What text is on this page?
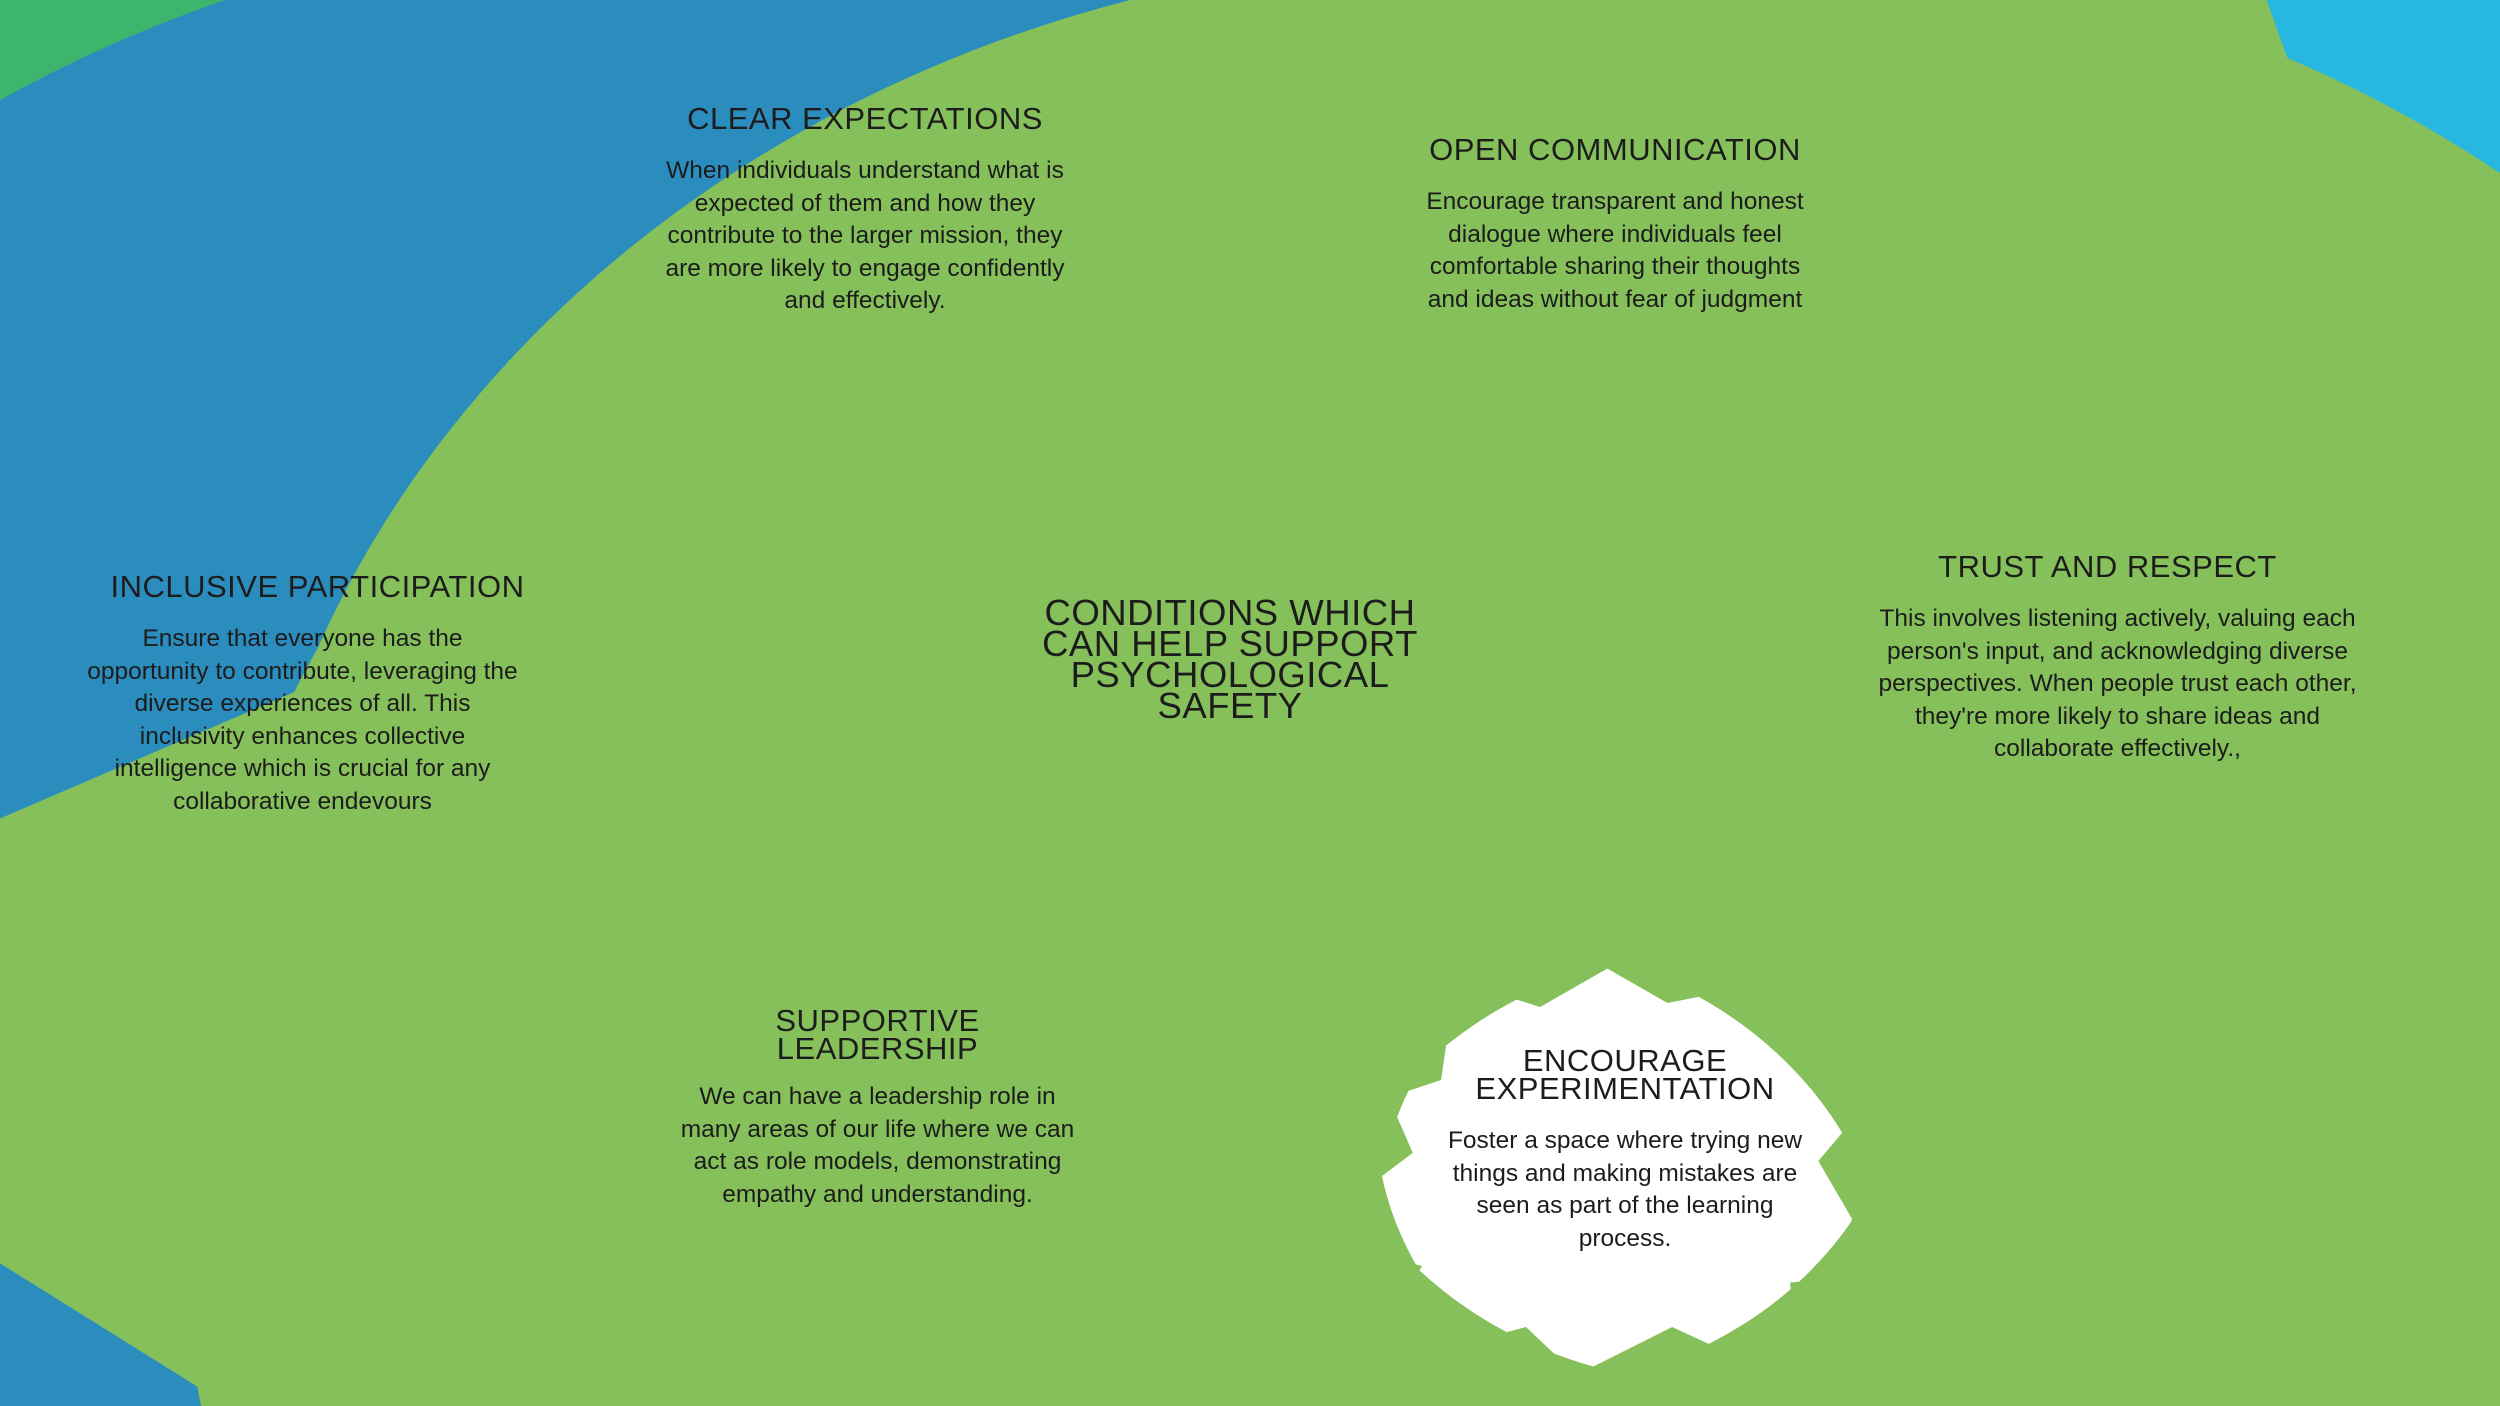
CONDITIONS WHICH CAN HELP SUPPORT PSYCHOLOGICAL SAFETY
CLEAR EXPECTATIONS
When individuals understand what is expected of them and how they contribute to the larger mission, they are more likely to engage confidently and effectively.
OPEN COMMUNICATION
Encourage transparent and honest dialogue where individuals feel comfortable sharing their thoughts and ideas without fear of judgment
TRUST AND RESPECT
This involves listening actively, valuing each person's input, and acknowledging diverse perspectives. When people trust each other, they're more likely to share ideas and collaborate effectively.,
INCLUSIVE PARTICIPATION
Ensure that everyone has the opportunity to contribute, leveraging the diverse experiences of all. This inclusivity enhances collective intelligence which is crucial for any collaborative endevours
SUPPORTIVE LEADERSHIP
We can have a leadership role in many areas of our life where we can act as role models, demonstrating empathy and understanding.
ENCOURAGE EXPERIMENTATION
Foster a space where trying new things and making mistakes are seen as part of the learning process.
